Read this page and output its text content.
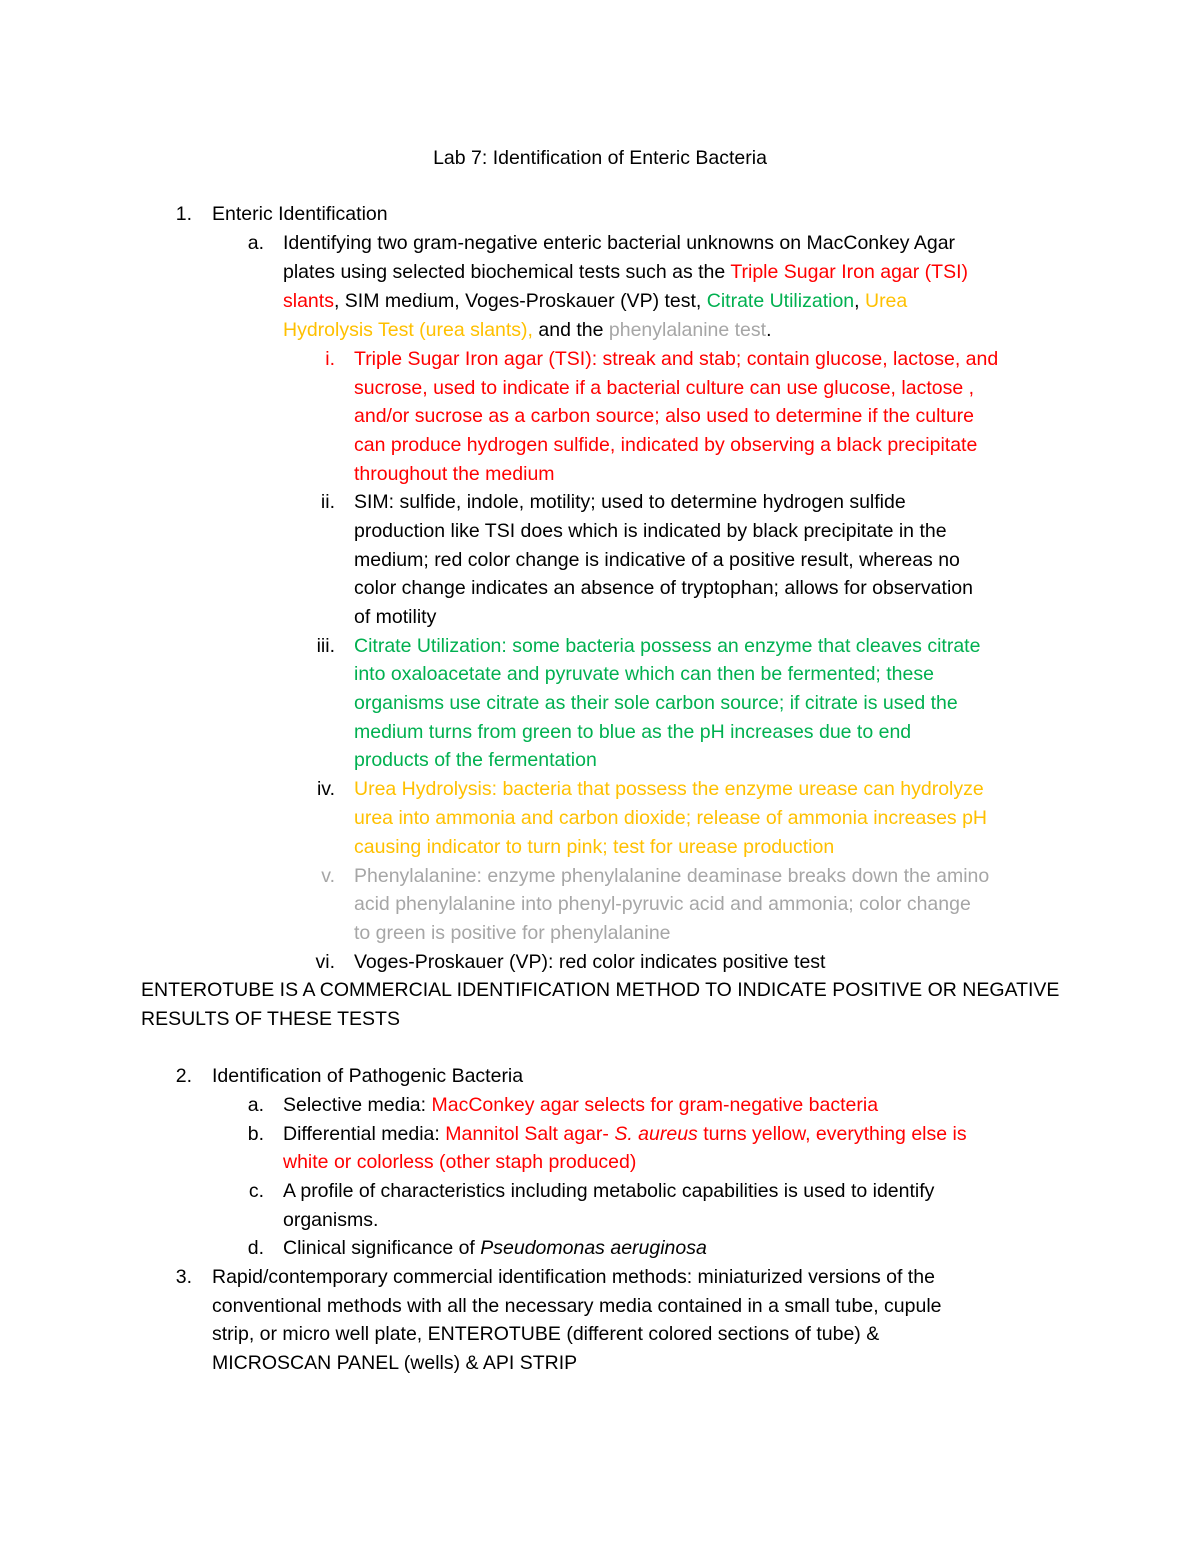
Lab 7: Identification of Enteric Bacteria
1. Enteric Identification
a. Identifying two gram-negative enteric bacterial unknowns on MacConkey Agar
plates using selected biochemical tests such as the Triple Sugar Iron agar (TSI)
slants, SIM medium, Voges-Proskauer (VP) test, Citrate Utilization, Urea
Hydrolysis Test (urea slants), and the phenylalanine test.
i. Triple Sugar Iron agar (TSI): streak and stab; contain glucose, lactose, and
sucrose, used to indicate if a bacterial culture can use glucose, lactose ,
and/or sucrose as a carbon source; also used to determine if the culture
can produce hydrogen sulfide, indicated by observing a black precipitate
throughout the medium
ii. SIM: sulfide, indole, motility; used to determine hydrogen sulfide
production like TSI does which is indicated by black precipitate in the
medium; red color change is indicative of a positive result, whereas no
color change indicates an absence of tryptophan; allows for observation
of motility
iii. Citrate Utilization: some bacteria possess an enzyme that cleaves citrate
into oxaloacetate and pyruvate which can then be fermented; these
organisms use citrate as their sole carbon source; if citrate is used the
medium turns from green to blue as the pH increases due to end
products of the fermentation
iv. Urea Hydrolysis: bacteria that possess the enzyme urease can hydrolyze
urea into ammonia and carbon dioxide; release of ammonia increases pH
causing indicator to turn pink; test for urease production
v. Phenylalanine: enzyme phenylalanine deaminase breaks down the amino
acid phenylalanine into phenyl-pyruvic acid and ammonia; color change
to green is positive for phenylalanine
vi. Voges-Proskauer (VP): red color indicates positive test
ENTEROTUBE IS A COMMERCIAL IDENTIFICATION METHOD TO INDICATE POSITIVE OR NEGATIVE
RESULTS OF THESE TESTS
2. Identification of Pathogenic Bacteria
a. Selective media: MacConkey agar selects for gram-negative bacteria
b. Differential media: Mannitol Salt agar- S. aureus turns yellow, everything else is
white or colorless (other staph produced)
c. A profile of characteristics including metabolic capabilities is used to identify
organisms.
d. Clinical significance of Pseudomonas aeruginosa
3. Rapid/contemporary commercial identification methods: miniaturized versions of the
conventional methods with all the necessary media contained in a small tube, cupule
strip, or micro well plate, ENTEROTUBE (different colored sections of tube) &
MICROSCAN PANEL (wells) & API STRIP
